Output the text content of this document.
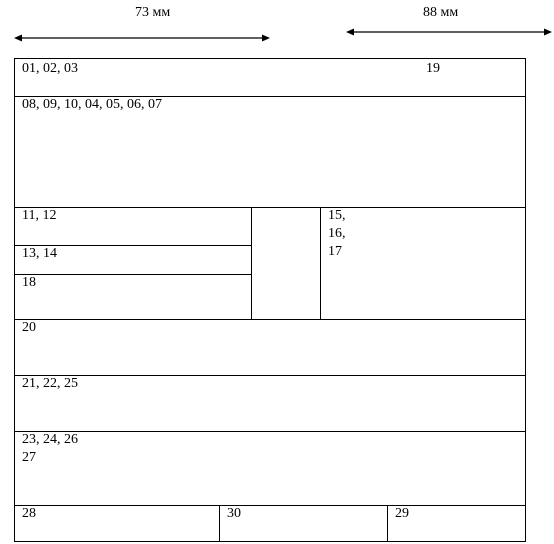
73 мм	88 мм
01, 02, 03	19
08, 09, 10, 04, 05, 06, 07
11, 12
13, 14
18
15,
16,
17
20
21, 22, 25
23, 24, 26
27
28	30	29
